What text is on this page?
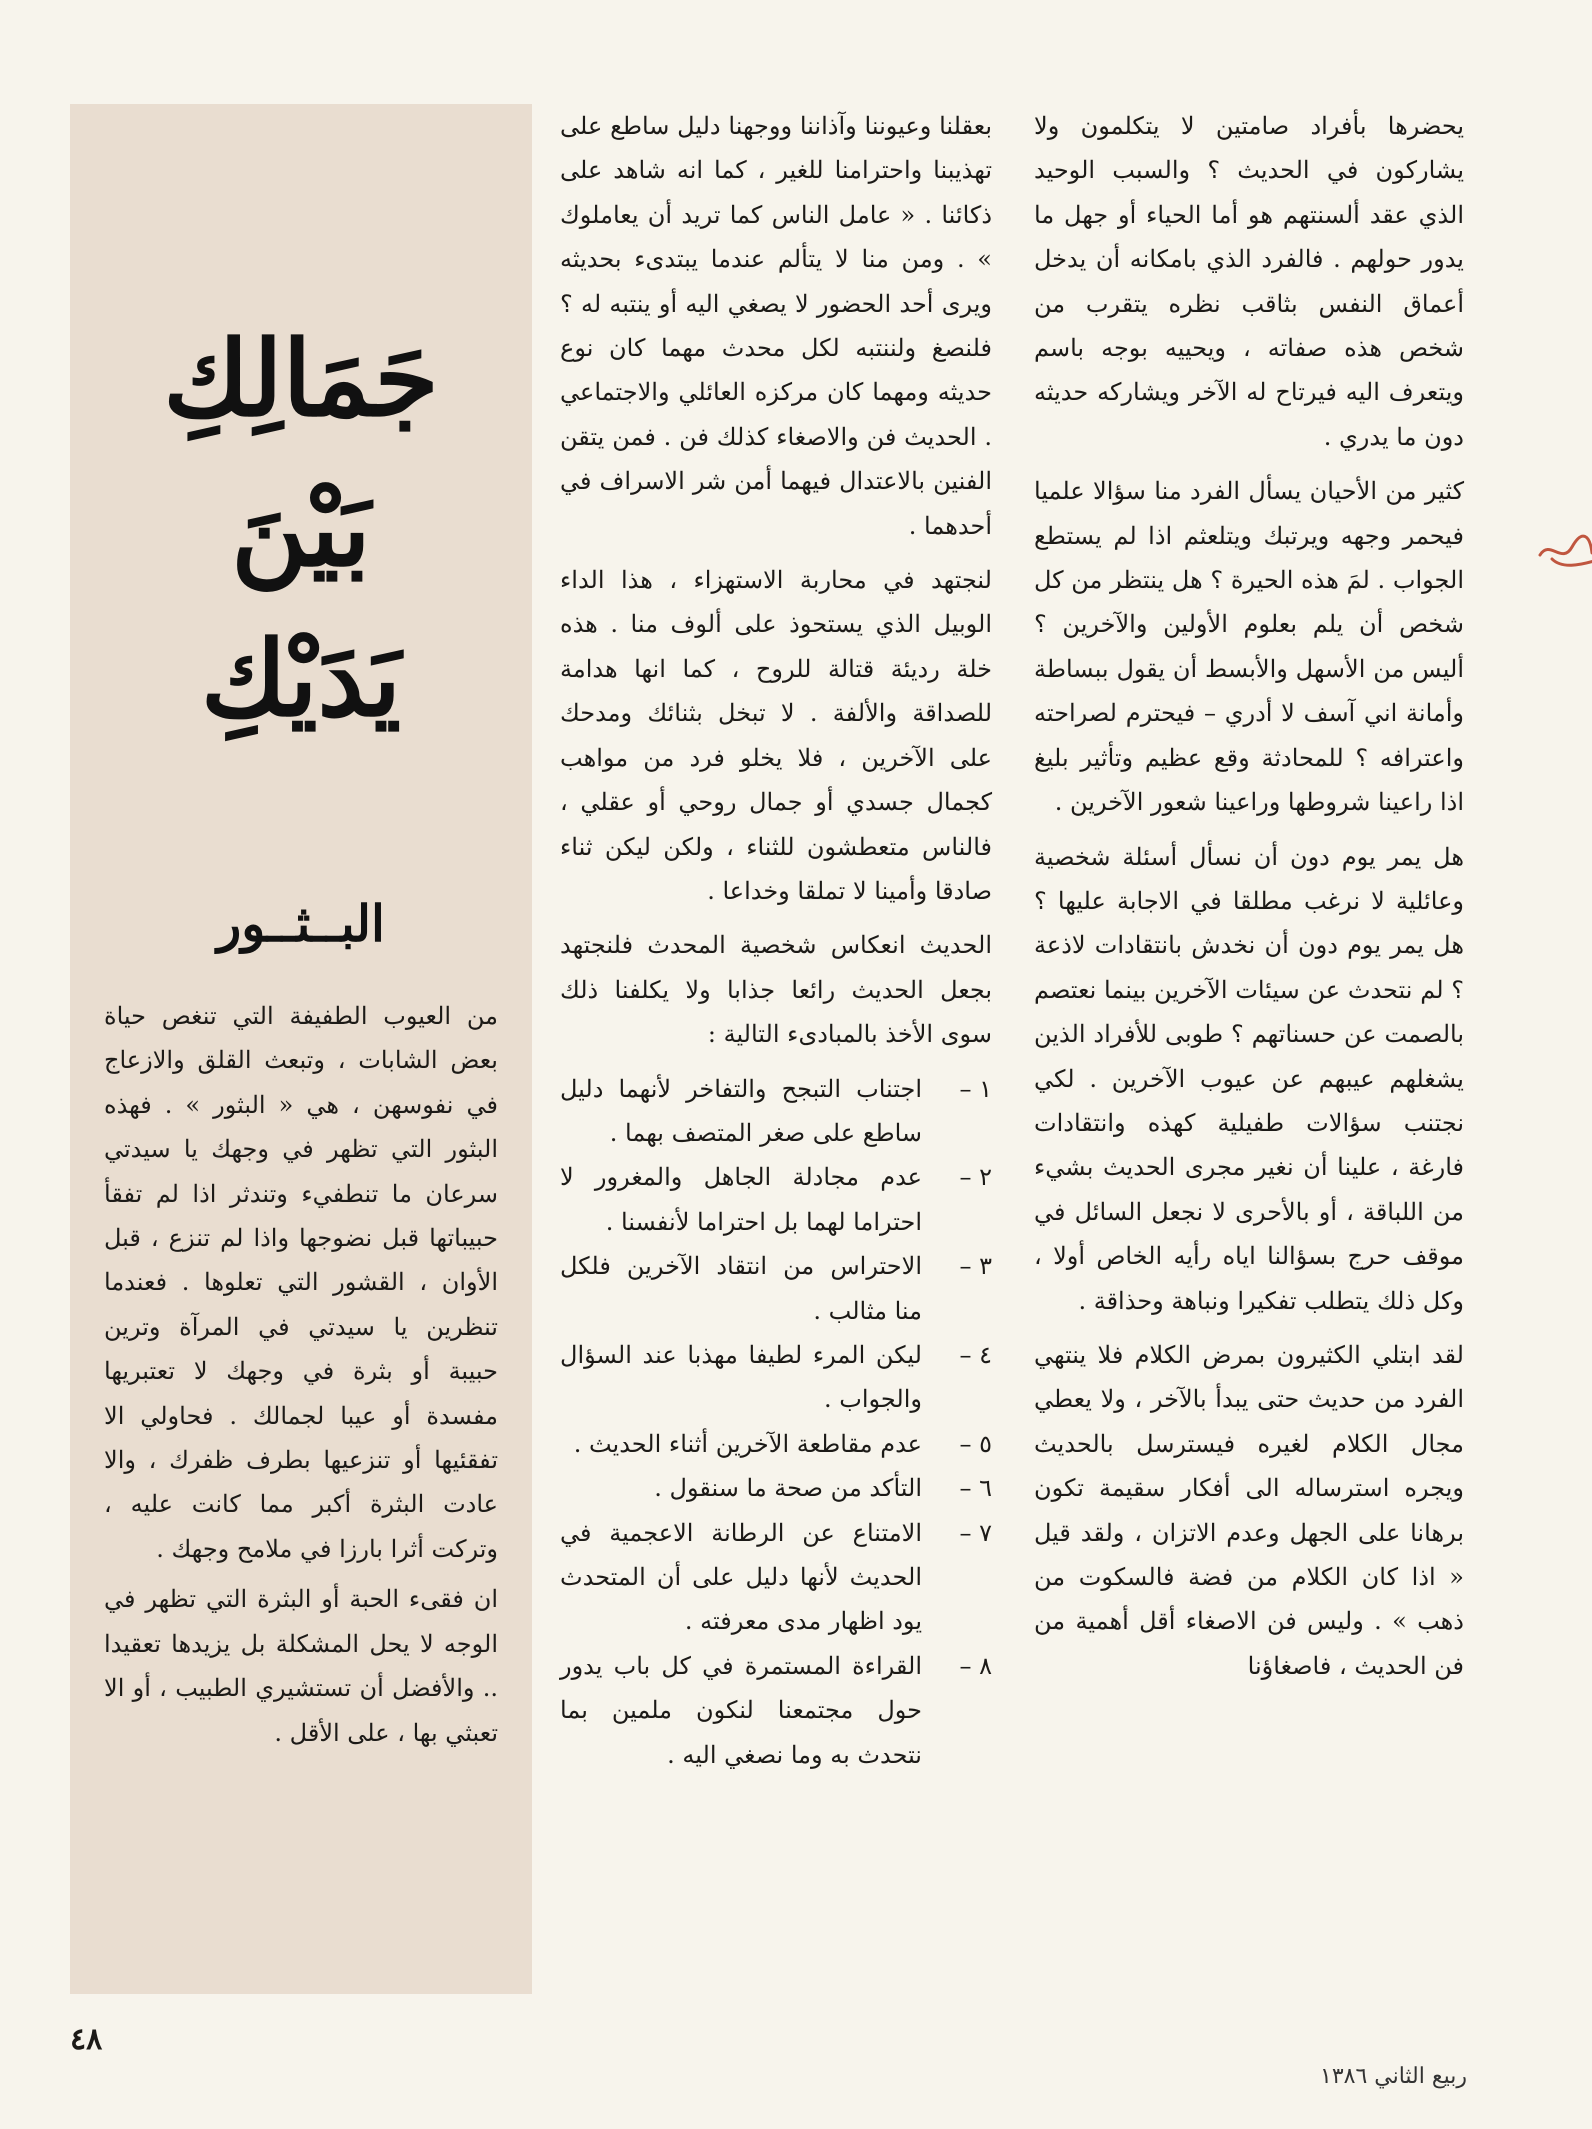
يحضرها بأفراد صامتين لا يتكلمون ولا يشاركون في الحديث ؟ والسبب الوحيد الذي عقد ألسنتهم هو أما الحياء أو جهل ما يدور حولهم . فالفرد الذي بامكانه أن يدخل أعماق النفس بثاقب نظره يتقرب من شخص هذه صفاته ، ويحييه بوجه باسم ويتعرف اليه فيرتاح له الآخر ويشاركه حديثه دون ما يدري .

كثير من الأحيان يسأل الفرد منا سؤالا علميا فيحمر وجهه ويرتبك ويتلعثم اذا لم يستطع الجواب . لمَ هذه الحيرة ؟ هل ينتظر من كل شخص أن يلم بعلوم الأولين والآخرين ؟ أليس من الأسهل والأبسط أن يقول ببساطة وأمانة اني آسف لا أدري – فيحترم لصراحته واعترافه ؟ للمحادثة وقع عظيم وتأثير بليغ اذا راعينا شروطها وراعينا شعور الآخرين .

هل يمر يوم دون أن نسأل أسئلة شخصية وعائلية لا نرغب مطلقا في الاجابة عليها ؟ هل يمر يوم دون أن نخدش بانتقادات لاذعة ؟ لم نتحدث عن سيئات الآخرين بينما نعتصم بالصمت عن حسناتهم ؟ طوبى للأفراد الذين يشغلهم عيبهم عن عيوب الآخرين . لكي نجتنب سؤالات طفيلية كهذه وانتقادات فارغة ، علينا أن نغير مجرى الحديث بشيء من اللباقة ، أو بالأحرى لا نجعل السائل في موقف حرج بسؤالنا اياه رأيه الخاص أولا ، وكل ذلك يتطلب تفكيرا ونباهة وحذاقة .

لقد ابتلي الكثيرون بمرض الكلام فلا ينتهي الفرد من حديث حتى يبدأ بالآخر ، ولا يعطي مجال الكلام لغيره فيسترسل بالحديث ويجره استرساله الى أفكار سقيمة تكون برهانا على الجهل وعدم الاتزان ، ولقد قيل « اذا كان الكلام من فضة فالسكوت من ذهب » . وليس فن الاصغاء أقل أهمية من فن الحديث ، فاصغاؤنا

بعقلنا وعيوننا وآذاننا ووجهنا دليل ساطع على تهذيبنا واحترامنا للغير ، كما انه شاهد على ذكائنا . « عامل الناس كما تريد أن يعاملوك » . ومن منا لا يتألم عندما يبتدىء بحديثه ويرى أحد الحضور لا يصغي اليه أو ينتبه له ؟ فلنصغ ولننتبه لكل محدث مهما كان نوع حديثه ومهما كان مركزه العائلي والاجتماعي . الحديث فن والاصغاء كذلك فن . فمن يتقن الفنين بالاعتدال فيهما أمن شر الاسراف في أحدهما .

لنجتهد في محاربة الاستهزاء ، هذا الداء الوبيل الذي يستحوذ على ألوف منا . هذه خلة رديئة قتالة للروح ، كما انها هدامة للصداقة والألفة . لا تبخل بثنائك ومدحك على الآخرين ، فلا يخلو فرد من مواهب كجمال جسدي أو جمال روحي أو عقلي ، فالناس متعطشون للثناء ، ولكن ليكن ثناء صادقا وأمينا لا تملقا وخداعا .

الحديث انعكاس شخصية المحدث فلنجتهد بجعل الحديث رائعا جذابا ولا يكلفنا ذلك سوى الأخذ بالمبادىء التالية :

١ –
اجتناب التبجح والتفاخر لأنهما دليل ساطع على صغر المتصف بهما .
٢ –
عدم مجادلة الجاهل والمغرور لا احتراما لهما بل احتراما لأنفسنا .
٣ –
الاحتراس من انتقاد الآخرين فلكل منا مثالب .
٤ –
ليكن المرء لطيفا مهذبا عند السؤال والجواب .
٥ –
عدم مقاطعة الآخرين أثناء الحديث .
٦ –
التأكد من صحة ما سنقول .
٧ –
الامتناع عن الرطانة الاعجمية في الحديث لأنها دليل على أن المتحدث يود اظهار مدى معرفته .
٨ –
القراءة المستمرة في كل باب يدور حول مجتمعنا لنكون ملمين بما نتحدث به وما نصغي اليه .
جَمَالِكِ
بَيْنَ
يَدَيْكِ
البــثــور

من العيوب الطفيفة التي تنغص حياة بعض الشابات ، وتبعث القلق والازعاج في نفوسهن ، هي « البثور » . فهذه البثور التي تظهر في وجهك يا سيدتي سرعان ما تنطفيء وتندثر اذا لم تفقأ حبيباتها قبل نضوجها واذا لم تنزع ، قبل الأوان ، القشور التي تعلوها . فعندما تنظرين يا سيدتي في المرآة وترين حبيبة أو بثرة في وجهك لا تعتبريها مفسدة أو عيبا لجمالك . فحاولي الا تفقئيها أو تنزعيها بطرف ظفرك ، والا عادت البثرة أكبر مما كانت عليه ، وتركت أثرا بارزا في ملامح وجهك .

ان فقىء الحبة أو البثرة التي تظهر في الوجه لا يحل المشكلة بل يزيدها تعقيدا .. والأفضل أن تستشيري الطبيب ، أو الا تعبثي بها ، على الأقل .

٤٨
ربيع الثاني ١٣٨٦
